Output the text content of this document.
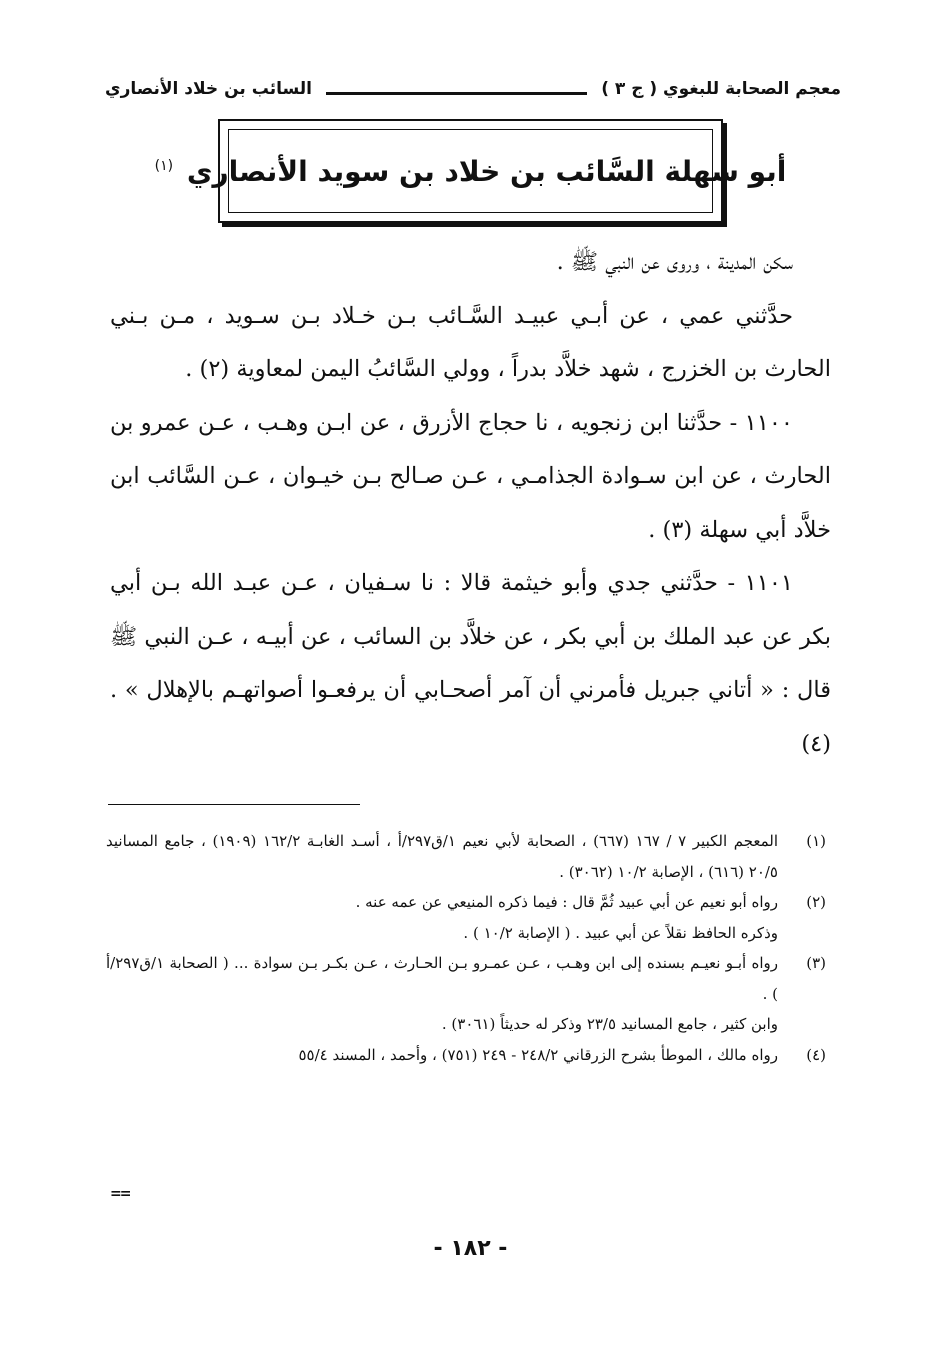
معجم الصحابة للبغوي ( ج ٣ )
السائب بن خلاد الأنصاري
أبو سهلة السَّائب بن خلاد بن سويد الأنصاري $^{(١)}$

سكن المدينة ، وروى عن النبي ﷺ .

حدَّثني عمي ، عن أبـي عبيـد السَّـائب بـن خـلاد بـن سـويد ، مـن بـني الحارث بن الخزرج ، شهد خلاَّد بدراً ، وولي السَّائبُ اليمن لمعاوية (٢) .

١١٠٠ - حدَّثنا ابن زنجويه ، نا حجاج الأزرق ، عن ابـن وهـب ، عـن عمرو بن الحارث ، عن ابن سـوادة الجذامـي ، عـن صـالح بـن خيـوان ، عـن السَّائب ابن خلاَّد أبي سهلة (٣) .

١١٠١ - حدَّثني جدي وأبو خيثمة قالا : نا سـفيان ، عـن عبـد الله بـن أبي بكر عن عبد الملك بن أبي بكر ، عن خلاَّد بن السائب ، عن أبيـه ، عـن النبي ﷺ قال : « أتاني جبريل فأمرني أن آمر أصحـابي أن يرفعـوا أصواتهـم بالإهلال » . (٤)

(١)
المعجم الكبير ٧ / ١٦٧ (٦٦٧) ، الصحابة لأبي نعيم ١/ق٢٩٧/أ ، أسـد الغابـة ١٦٢/٢ (١٩٠٩) ، جامع المسانيد ٢٠/٥ (٦١٦) ، الإصابة ١٠/٢ (٣٠٦٢) .

(٢)
رواه أبو نعيم عن أبي عبيد ثُمَّ قال : فيما ذكره المنيعي عن عمه عنه .

وذكره الحافظ نقلاً عن أبي عبيد . ( الإصابة ١٠/٢ ) .

(٣)
رواه أبـو نعيـم بسنده إلى ابن وهـب ، عـن عمـرو بـن الحـارث ، عـن بكـر بـن سوادة ... ( الصحابة ١/ق٢٩٧/أ ) .

وابن كثير ، جامع المسانيد ٢٣/٥ وذكر له حديثاً (٣٠٦١) .

(٤)
رواه مالك ، الموطأ بشرح الزرقاني ٢٤٨/٢ - ٢٤٩ (٧٥١) ، وأحمد ، المسند ٥٥/٤

==
- ١٨٢ -
